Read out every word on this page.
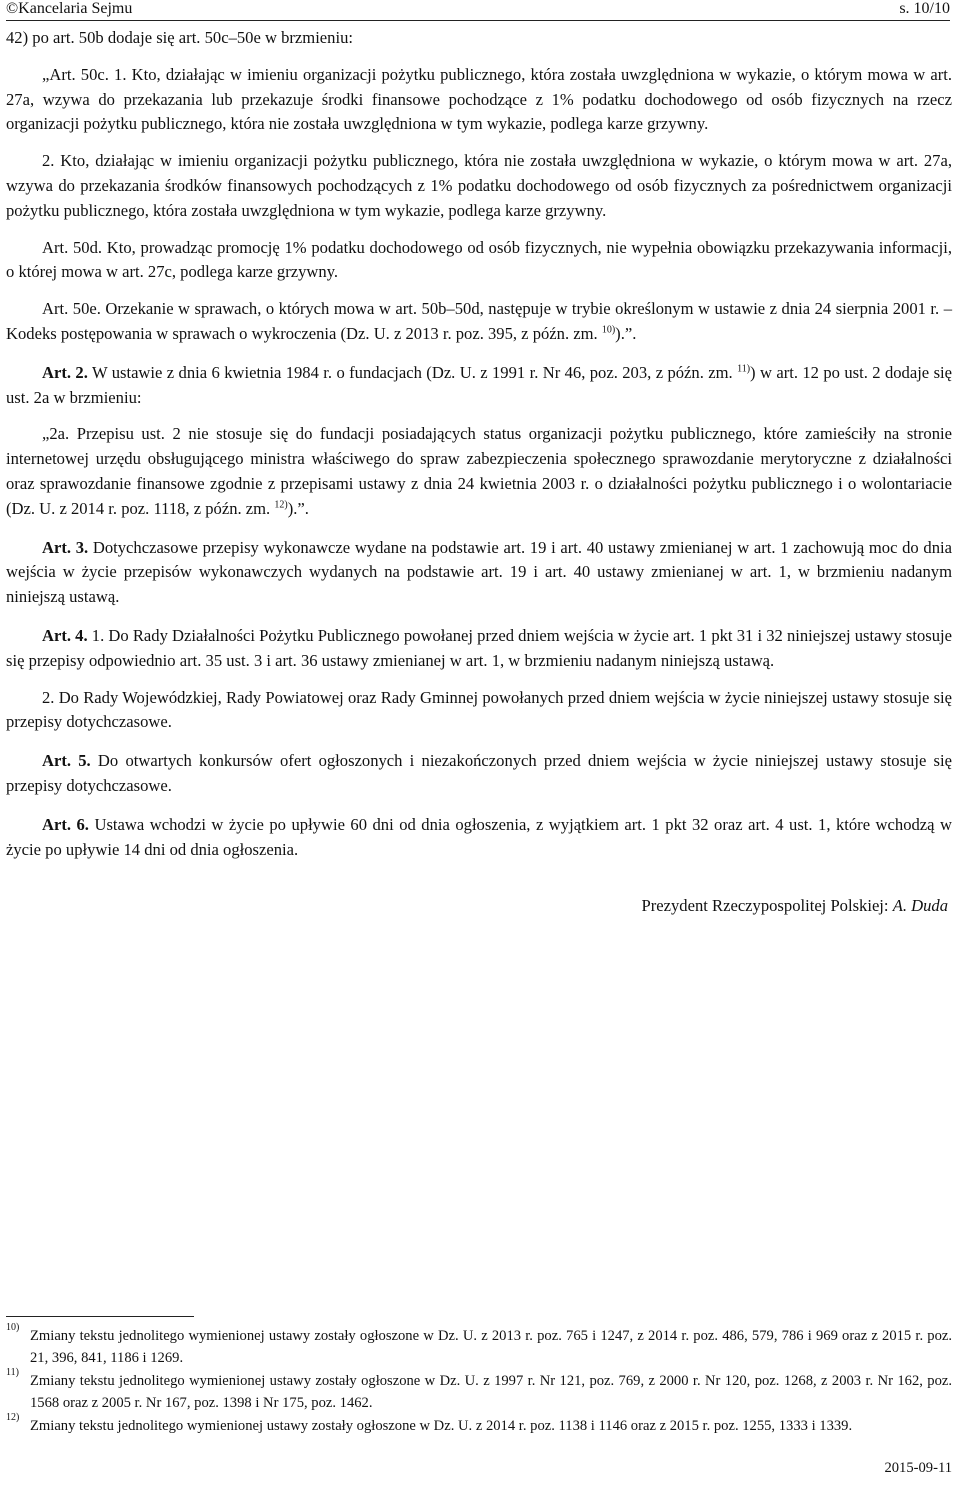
©Kancelaria Sejmu	s. 10/10

42) po art. 50b dodaje się art. 50c–50e w brzmieniu:

„Art. 50c. 1. Kto, działając w imieniu organizacji pożytku publicznego, która została uwzględniona w wykazie, o którym mowa w art. 27a, wzywa do przekazania lub przekazuje środki finansowe pochodzące z 1% podatku dochodowego od osób fizycznych na rzecz organizacji pożytku publicznego, która nie została uwzględniona w tym wykazie, podlega karze grzywny.

2. Kto, działając w imieniu organizacji pożytku publicznego, która nie została uwzględniona w wykazie, o którym mowa w art. 27a, wzywa do przekazania środków finansowych pochodzących z 1% podatku dochodowego od osób fizycznych za pośrednictwem organizacji pożytku publicznego, która została uwzględniona w tym wykazie, podlega karze grzywny.

Art. 50d. Kto, prowadząc promocję 1% podatku dochodowego od osób fizycznych, nie wypełnia obowiązku przekazywania informacji, o której mowa w art. 27c, podlega karze grzywny.

Art. 50e. Orzekanie w sprawach, o których mowa w art. 50b–50d, następuje w trybie określonym w ustawie z dnia 24 sierpnia 2001 r. – Kodeks postępowania w sprawach o wykroczenia (Dz. U. z 2013 r. poz. 395, z późn. zm. $^{10)}$).”.

Art. 2. W ustawie z dnia 6 kwietnia 1984 r. o fundacjach (Dz. U. z 1991 r. Nr 46, poz. 203, z późn. zm. $^{11)}$) w art. 12 po ust. 2 dodaje się ust. 2a w brzmieniu:

„2a. Przepisu ust. 2 nie stosuje się do fundacji posiadających status organizacji pożytku publicznego, które zamieściły na stronie internetowej urzędu obsługującego ministra właściwego do spraw zabezpieczenia społecznego sprawozdanie merytoryczne z działalności oraz sprawozdanie finansowe zgodnie z przepisami ustawy z dnia 24 kwietnia 2003 r. o działalności pożytku publicznego i o wolontariacie (Dz. U. z 2014 r. poz. 1118, z późn. zm. $^{12)}$).”.

Art. 3. Dotychczasowe przepisy wykonawcze wydane na podstawie art. 19 i art. 40 ustawy zmienianej w art. 1 zachowują moc do dnia wejścia w życie przepisów wykonawczych wydanych na podstawie art. 19 i art. 40 ustawy zmienianej w art. 1, w brzmieniu nadanym niniejszą ustawą.

Art. 4. 1. Do Rady Działalności Pożytku Publicznego powołanej przed dniem wejścia w życie art. 1 pkt 31 i 32 niniejszej ustawy stosuje się przepisy odpowiednio art. 35 ust. 3 i art. 36 ustawy zmienianej w art. 1, w brzmieniu nadanym niniejszą ustawą.

2. Do Rady Wojewódzkiej, Rady Powiatowej oraz Rady Gminnej powołanych przed dniem wejścia w życie niniejszej ustawy stosuje się przepisy dotychczasowe.

Art. 5. Do otwartych konkursów ofert ogłoszonych i niezakończonych przed dniem wejścia w życie niniejszej ustawy stosuje się przepisy dotychczasowe.

Art. 6. Ustawa wchodzi w życie po upływie 60 dni od dnia ogłoszenia, z wyjątkiem art. 1 pkt 32 oraz art. 4 ust. 1, które wchodzą w życie po upływie 14 dni od dnia ogłoszenia.

Prezydent Rzeczypospolitej Polskiej: A. Duda

10)
Zmiany tekstu jednolitego wymienionej ustawy zostały ogłoszone w Dz. U. z 2013 r. poz. 765 i 1247, z 2014 r. poz. 486, 579, 786 i 969 oraz z 2015 r. poz. 21, 396, 841, 1186 i 1269.
11)
Zmiany tekstu jednolitego wymienionej ustawy zostały ogłoszone w Dz. U. z 1997 r. Nr 121, poz. 769, z 2000 r. Nr 120, poz. 1268, z 2003 r. Nr 162, poz. 1568 oraz z 2005 r. Nr 167, poz. 1398 i Nr 175, poz. 1462.
12)
Zmiany tekstu jednolitego wymienionej ustawy zostały ogłoszone w Dz. U. z 2014 r. poz. 1138 i 1146 oraz z 2015 r. poz. 1255, 1333 i 1339.
2015-09-11
